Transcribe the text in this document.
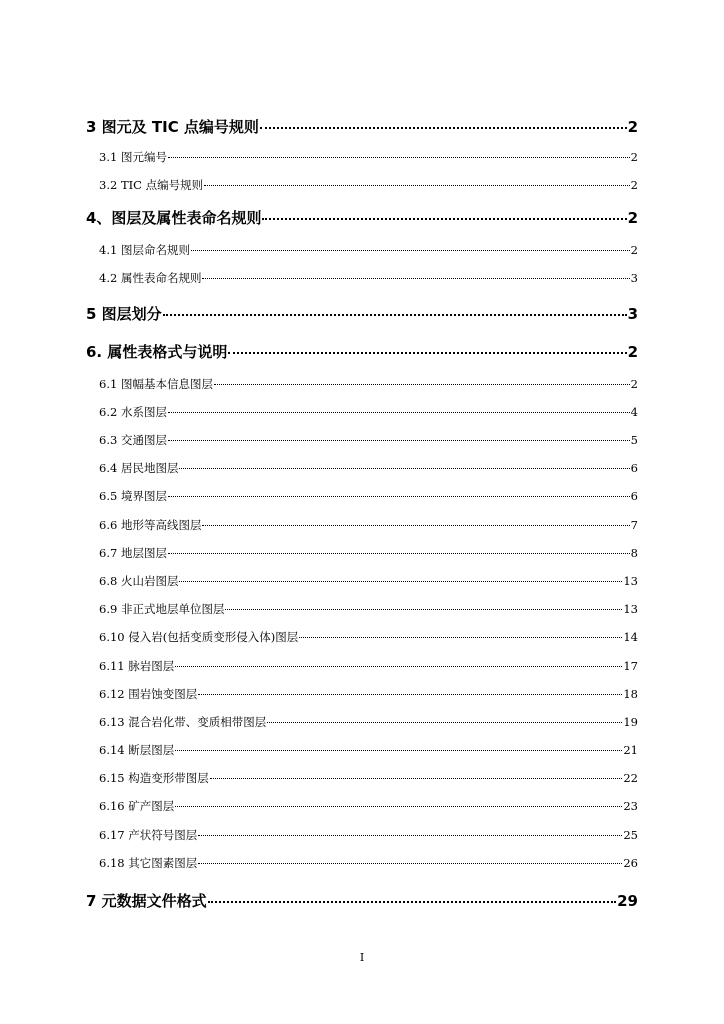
3 图元及 TIC 点编号规则	2
3.1 图元编号	2
3.2 TIC 点编号规则	2
4、图层及属性表命名规则	2
4.1 图层命名规则	2
4.2 属性表命名规则	3
5 图层划分	3
6. 属性表格式与说明	2
6.1 图幅基本信息图层	2
6.2 水系图层	4
6.3 交通图层	5
6.4 居民地图层	6
6.5 境界图层	6
6.6 地形等高线图层	7
6.7 地层图层	8
6.8 火山岩图层	13
6.9 非正式地层单位图层	13
6.10 侵入岩(包括变质变形侵入体)图层	14
6.11 脉岩图层	17
6.12 围岩蚀变图层	18
6.13 混合岩化带、变质相带图层	19
6.14 断层图层	21
6.15 构造变形带图层	22
6.16 矿产图层	23
6.17 产状符号图层	25
6.18 其它图素图层	26
7 元数据文件格式	29
I
